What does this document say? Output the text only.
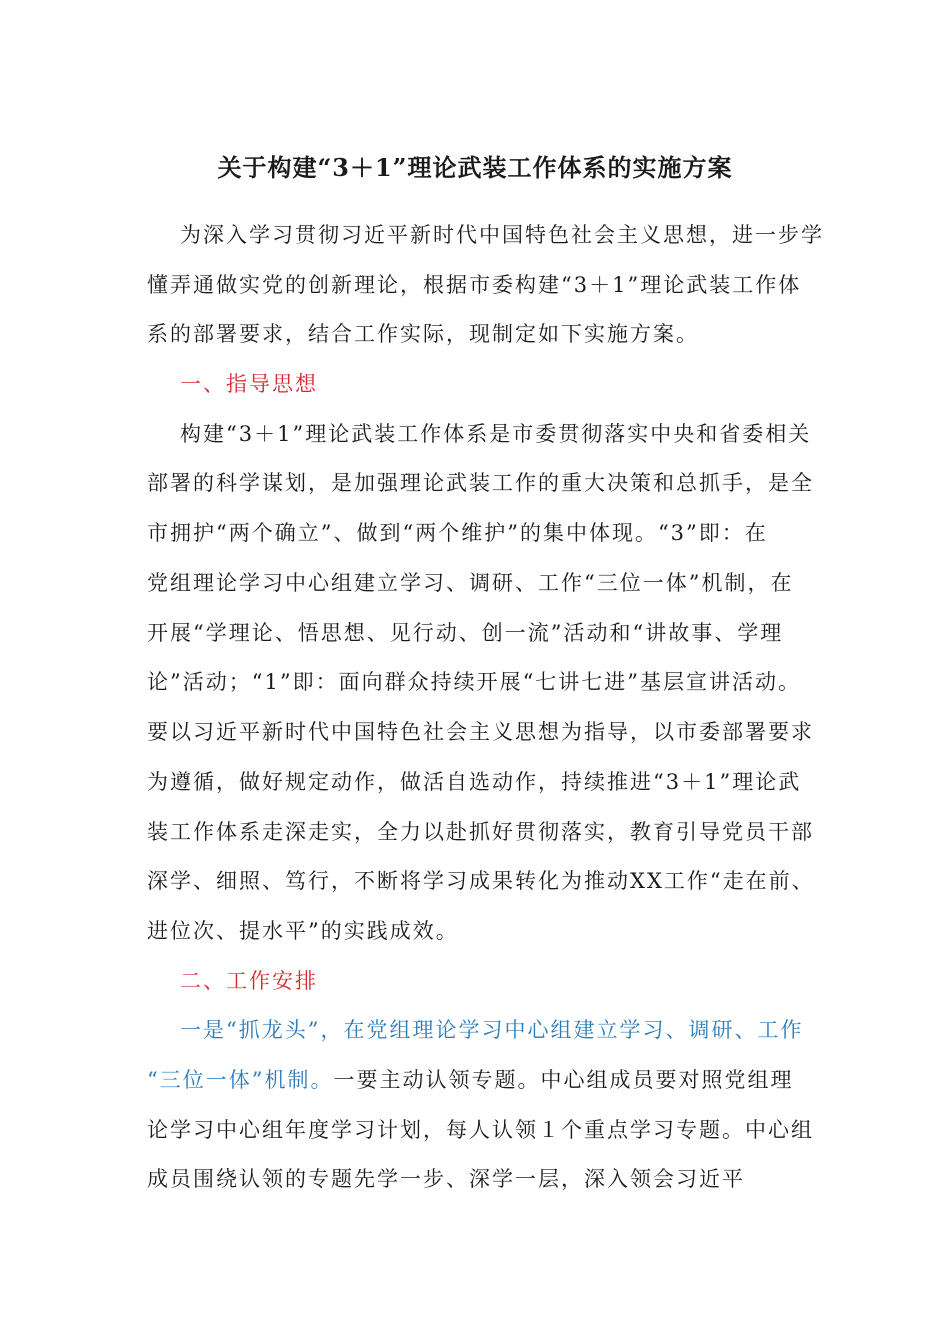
关于构建“3＋1”理论武装工作体系的实施方案

为深入学习贯彻习近平新时代中国特色社会主义思想，进一步学

懂弄通做实党的创新理论，根据市委构建“3＋1”理论武装工作体

系的部署要求，结合工作实际，现制定如下实施方案。

一、指导思想

构建“3＋1”理论武装工作体系是市委贯彻落实中央和省委相关

部署的科学谋划，是加强理论武装工作的重大决策和总抓手，是全

市拥护“两个确立”、做到“两个维护”的集中体现。“3”即：在

党组理论学习中心组建立学习、调研、工作“三位一体”机制，在

开展“学理论、悟思想、见行动、创一流”活动和“讲故事、学理

论”活动；“1”即：面向群众持续开展“七讲七进”基层宣讲活动。

要以习近平新时代中国特色社会主义思想为指导，以市委部署要求

为遵循，做好规定动作，做活自选动作，持续推进“3＋1”理论武

装工作体系走深走实，全力以赴抓好贯彻落实，教育引导党员干部

深学、细照、笃行，不断将学习成果转化为推动XX工作“走在前、

进位次、提水平”的实践成效。

二、工作安排

一是“抓龙头”，在党组理论学习中心组建立学习、调研、工作

“三位一体”机制。一要主动认领专题。中心组成员要对照党组理

论学习中心组年度学习计划，每人认领１个重点学习专题。中心组

成员围绕认领的专题先学一步、深学一层，深入领会习近平
